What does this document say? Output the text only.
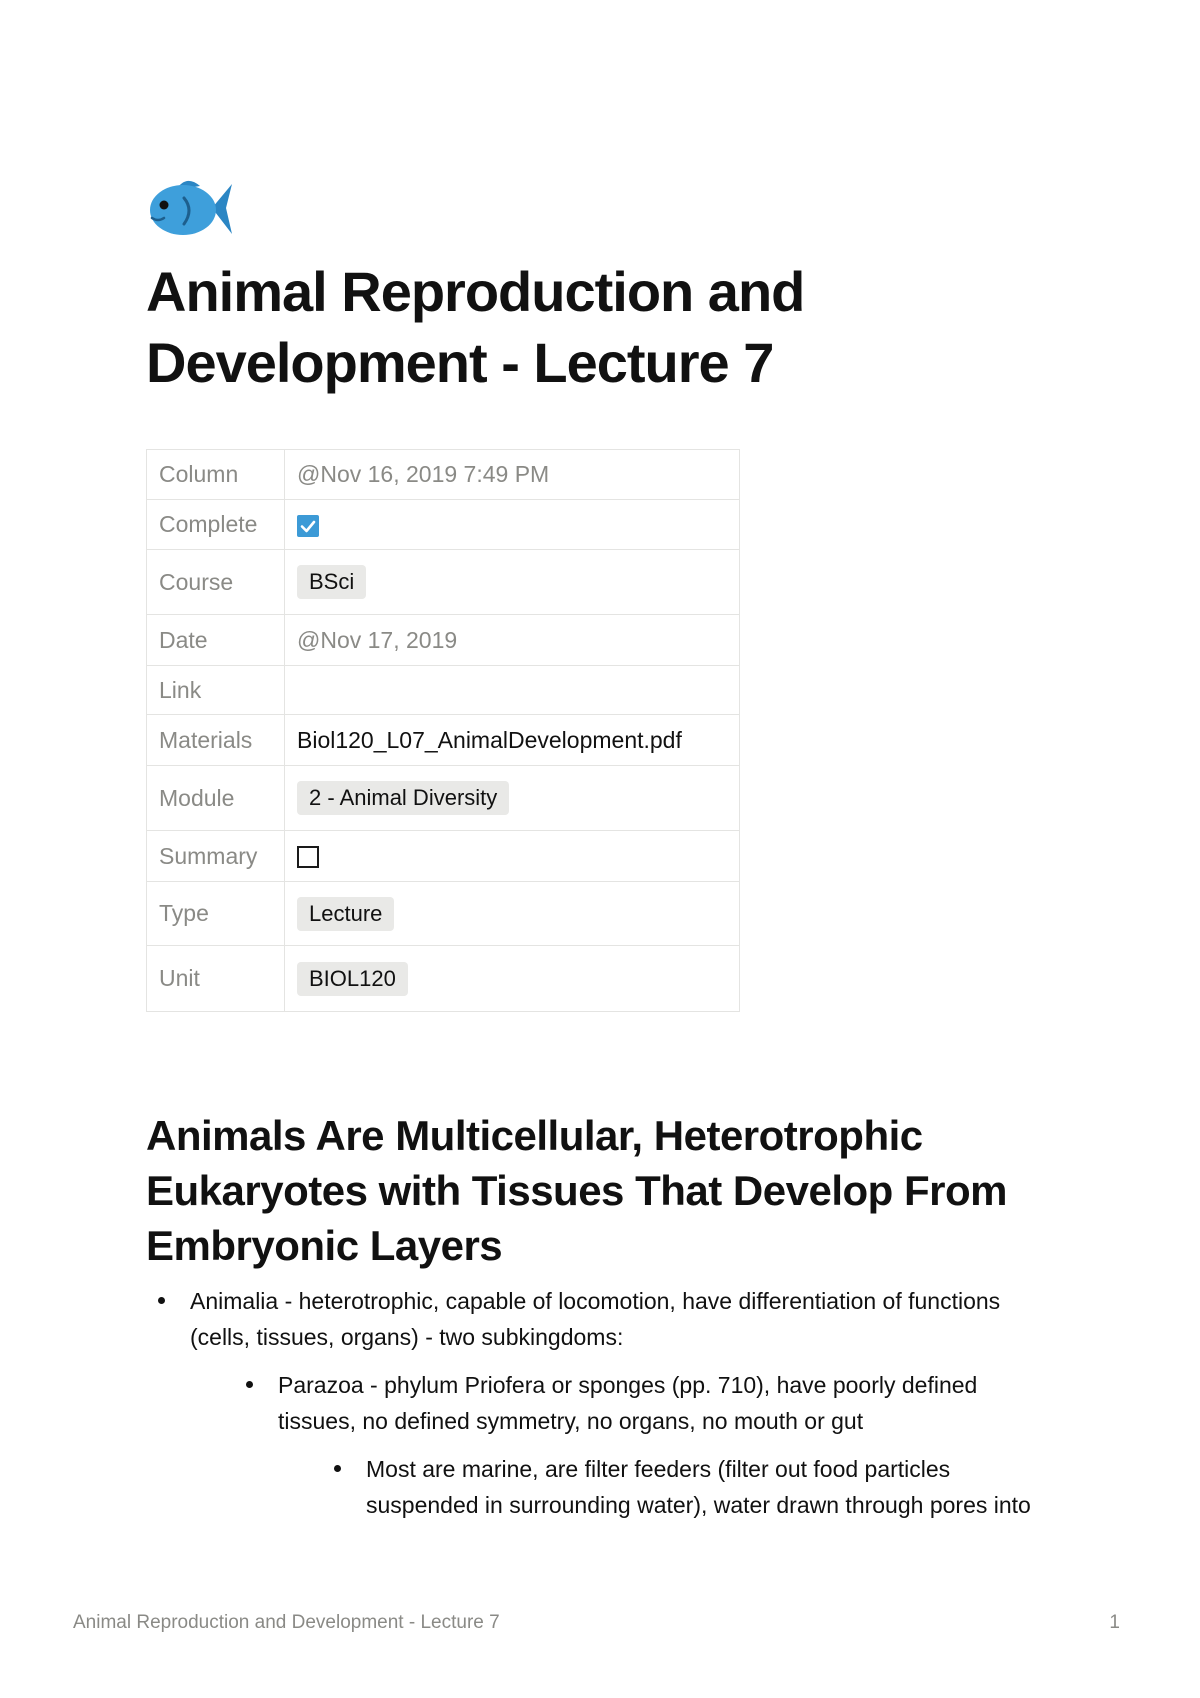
Animal Reproduction and Development - Lecture 7
Column	@Nov 16, 2019 7:49 PM
Complete	

Course	BSci
Date	@Nov 17, 2019
Link	
Materials	Biol120_L07_AnimalDevelopment.pdf
Module	2 - Animal Diversity
Summary	
Type	Lecture
Unit	BIOL120
Animals Are Multicellular, Heterotrophic Eukaryotes with Tissues That Develop From Embryonic Layers
Animalia - heterotrophic, capable of locomotion, have differentiation of functions (cells, tissues, organs) - two subkingdoms:
Parazoa - phylum Priofera or sponges (pp. 710), have poorly defined tissues, no defined symmetry, no organs, no mouth or gut
Most are marine, are filter feeders (filter out food particles suspended in surrounding water), water drawn through pores into
Animal Reproduction and Development - Lecture 7	1
